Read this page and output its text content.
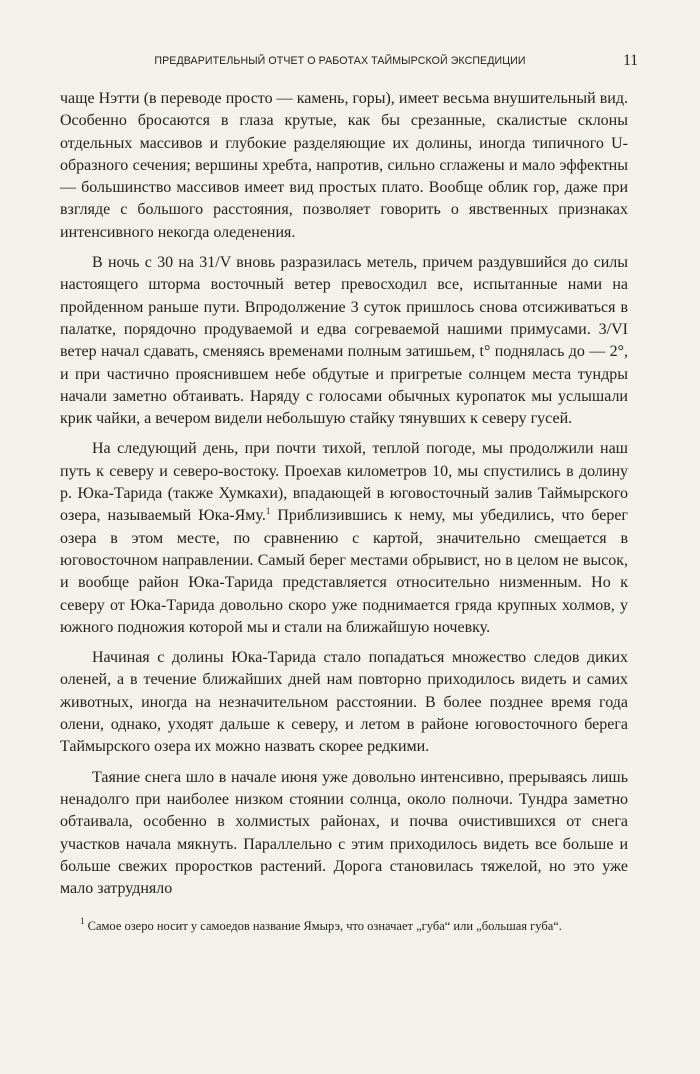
ПРЕДВАРИТЕЛЬНЫЙ ОТЧЕТ О РАБОТАХ ТАЙМЫРСКОЙ ЭКСПЕДИЦИИ	11

чаще Нэтти (в переводе просто — камень, горы), имеет весьма внушительный вид. Особенно бросаются в глаза крутые, как бы срезанные, скалистые склоны отдельных массивов и глубокие разделяющие их долины, иногда типичного U-образного сечения; вершины хребта, напротив, сильно сглажены и мало эффектны — большинство массивов имеет вид простых плато. Вообще облик гор, даже при взгляде с большого расстояния, позволяет говорить о явственных признаках интенсивного некогда оледенения.

В ночь с 30 на 31/V вновь разразилась метель, причем раздувшийся до силы настоящего шторма восточный ветер превосходил все, испытанные нами на пройденном раньше пути. Впродолжение 3 суток пришлось снова отсиживаться в палатке, порядочно продуваемой и едва согреваемой нашими примусами. 3/VI ветер начал сдавать, сменяясь временами полным затишьем, t° поднялась до — 2°, и при частично прояснившем небе обдутые и пригретые солнцем места тундры начали заметно обтаивать. Наряду с голосами обычных куропаток мы услышали крик чайки, а вечером видели небольшую стайку тянувших к северу гусей.

На следующий день, при почти тихой, теплой погоде, мы продолжили наш путь к северу и северо-востоку. Проехав километров 10, мы спустились в долину р. Юка-Тарида (также Хумкахи), впадающей в юговосточный залив Таймырского озера, называемый Юка-Яму.$^1$ Приблизившись к нему, мы убедились, что берег озера в этом месте, по сравнению с картой, значительно смещается в юговосточном направлении. Самый берег местами обрывист, но в целом не высок, и вообще район Юка-Тарида представляется относительно низменным. Но к северу от Юка-Тарида довольно скоро уже поднимается гряда крупных холмов, у южного подножия которой мы и стали на ближайшую ночевку.

Начиная с долины Юка-Тарида стало попадаться множество следов диких оленей, а в течение ближайших дней нам повторно приходилось видеть и самих животных, иногда на незначительном расстоянии. В более позднее время года олени, однако, уходят дальше к северу, и летом в районе юговосточного берега Таймырского озера их можно назвать скорее редкими.

Таяние снега шло в начале июня уже довольно интенсивно, прерываясь лишь ненадолго при наиболее низком стоянии солнца, около полночи. Тундра заметно обтаивала, особенно в холмистых районах, и почва очистившихся от снега участков начала мякнуть. Параллельно с этим приходилось видеть все больше и больше свежих проростков растений. Дорога становилась тяжелой, но это уже мало затрудняло

$^1$ Самое озеро носит у самоедов название Ямырэ, что означает „губа“ или „большая губа“.
